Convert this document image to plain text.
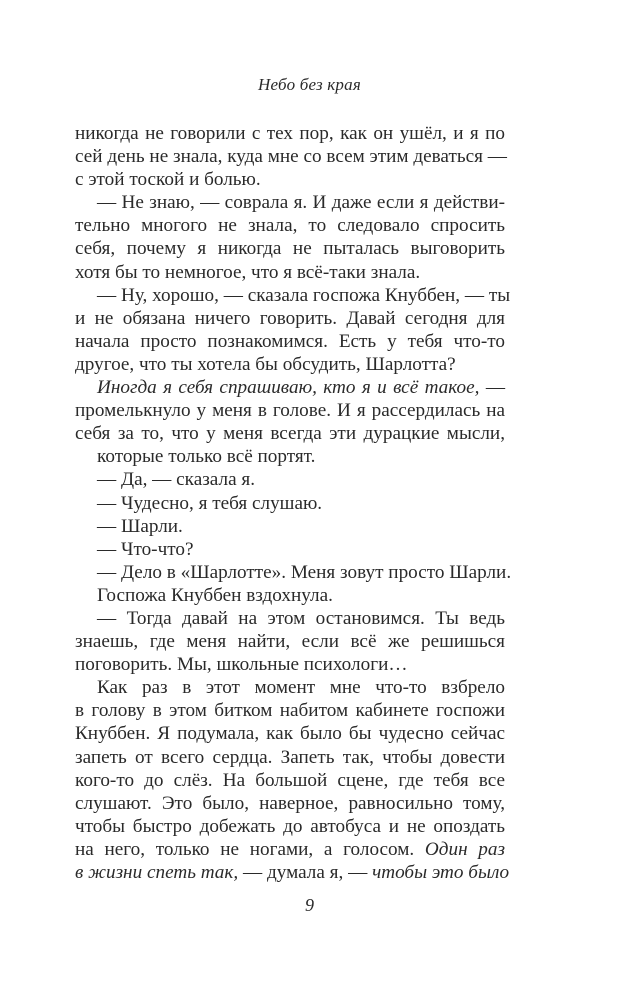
Небо без края
никогда не говорили с тех пор, как он ушёл, и я по
сей день не знала, куда мне со всем этим деваться —
с этой тоской и болью.
— Не знаю, — соврала я. И даже если я действи-
тельно многого не знала, то следовало спросить
себя, почему я никогда не пыталась выговорить
хотя бы то немногое, что я всё-таки знала.
— Ну, хорошо, — сказала госпожа Кнуббен, — ты
и не обязана ничего говорить. Давай сегодня для
начала просто познакомимся. Есть у тебя что-то
другое, что ты хотела бы обсудить, Шарлотта?
Иногда я себя спрашиваю, кто я и всё такое, —
промелькнуло у меня в голове. И я рассердилась на
себя за то, что у меня всегда эти дурацкие мысли,
которые только всё портят.
— Да, — сказала я.
— Чудесно, я тебя слушаю.
— Шарли.
— Что-что?
— Дело в «Шарлотте». Меня зовут просто Шарли.
Госпожа Кнуббен вздохнула.
— Тогда давай на этом остановимся. Ты ведь
знаешь, где меня найти, если всё же решишься
поговорить. Мы, школьные психологи…
Как раз в этот момент мне что-то взбрело
в голову в этом битком набитом кабинете госпожи
Кнуббен. Я подумала, как было бы чудесно сейчас
запеть от всего сердца. Запеть так, чтобы довести
кого-то до слёз. На большой сцене, где тебя все
слушают. Это было, наверное, равносильно тому,
чтобы быстро добежать до автобуса и не опоздать
на него, только не ногами, а голосом. Один раз
в жизни спеть так, — думала я, — чтобы это было
9
